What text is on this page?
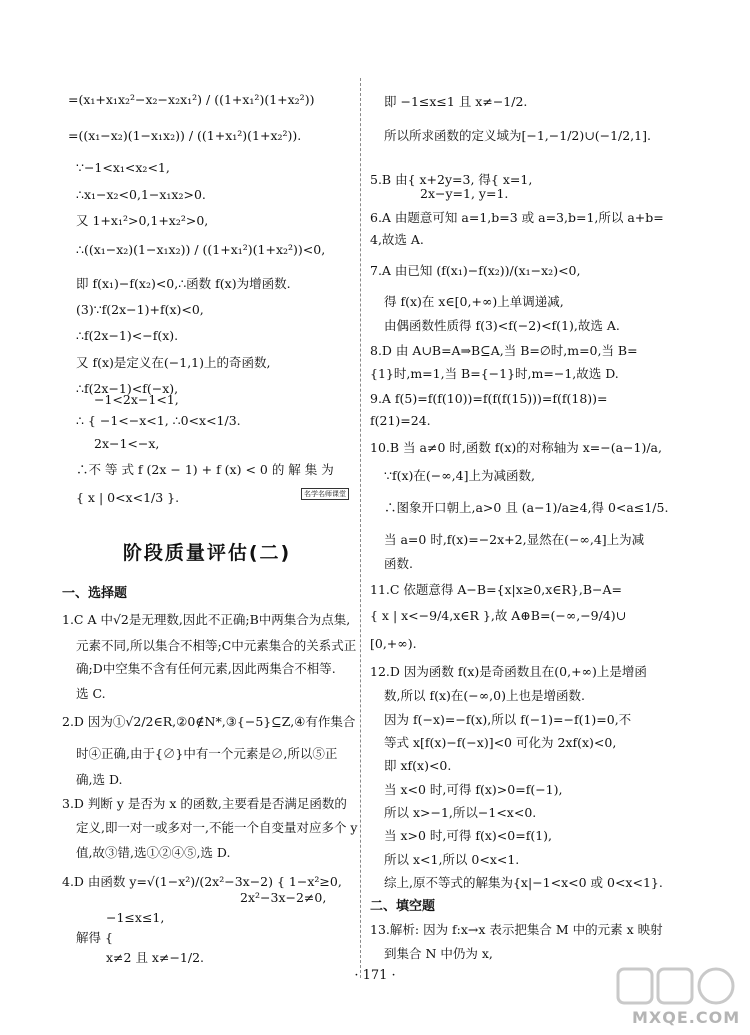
=(x₁+x₁x₂²−x₂−x₂x₁²) / ((1+x₁²)(1+x₂²))
=((x₁−x₂)(1−x₁x₂)) / ((1+x₁²)(1+x₂²)).
∵−1<x₁<x₂<1,
∴x₁−x₂<0,1−x₁x₂>0.
又 1+x₁²>0,1+x₂²>0,
∴((x₁−x₂)(1−x₁x₂)) / ((1+x₁²)(1+x₂²))<0,
即 f(x₁)−f(x₂)<0,∴函数 f(x)为增函数.
(3)∵f(2x−1)+f(x)<0,
∴f(2x−1)<−f(x).
又 f(x)是定义在(−1,1)上的奇函数,
∴f(2x−1)<f(−x),
−1<2x−1<1,
∴ { −1<−x<1, ∴0<x<1/3.
2x−1<−x,
∴不 等 式 f (2x − 1) + f (x) < 0 的 解 集 为
{ x | 0<x<1/3 }.	名学名师课堂
阶段质量评估(二)
一、选择题
1.C A 中√2是无理数,因此不正确;B中两集合为点集,
元素不同,所以集合不相等;C中元素集合的关系式正
确;D中空集不含有任何元素,因此两集合不相等.
选 C.
2.D 因为①√2/2∈R,②0∉N*,③{−5}⊆Z,④有作集合
时④正确,由于{∅}中有一个元素是∅,所以⑤正
确,选 D.
3.D 判断 y 是否为 x 的函数,主要看是否满足函数的
定义,即一对一或多对一,不能一个自变量对应多个 y
值,故③错,选①②④⑤,选 D.
4.D 由函数 y=√(1−x²)/(2x²−3x−2) { 1−x²≥0,
2x²−3x−2≠0,
−1≤x≤1,
解得 {
x≠2 且 x≠−1/2.
即 −1≤x≤1 且 x≠−1/2.
所以所求函数的定义域为[−1,−1/2)∪(−1/2,1].
5.B 由{ x+2y=3, 得{ x=1,
2x−y=1, y=1.
6.A 由题意可知 a=1,b=3 或 a=3,b=1,所以 a+b=
4,故选 A.
7.A 由已知 (f(x₁)−f(x₂))/(x₁−x₂)<0,
得 f(x)在 x∈[0,+∞)上单调递减,
由偶函数性质得 f(3)<f(−2)<f(1),故选 A.
8.D 由 A∪B=A⇒B⊆A,当 B=∅时,m=0,当 B=
{1}时,m=1,当 B={−1}时,m=−1,故选 D.
9.A f(5)=f(f(10))=f(f(f(15)))=f(f(18))=
f(21)=24.
10.B 当 a≠0 时,函数 f(x)的对称轴为 x=−(a−1)/a,
∵f(x)在(−∞,4]上为减函数,
∴图象开口朝上,a>0 且 (a−1)/a≥4,得 0<a≤1/5.
当 a=0 时,f(x)=−2x+2,显然在(−∞,4]上为减
函数.
11.C 依题意得 A−B={x|x≥0,x∈R},B−A=
{ x | x<−9/4,x∈R },故 A⊕B=(−∞,−9/4)∪
[0,+∞).
12.D 因为函数 f(x)是奇函数且在(0,+∞)上是增函
数,所以 f(x)在(−∞,0)上也是增函数.
因为 f(−x)=−f(x),所以 f(−1)=−f(1)=0,不
等式 x[f(x)−f(−x)]<0 可化为 2xf(x)<0,
即 xf(x)<0.
当 x<0 时,可得 f(x)>0=f(−1),
所以 x>−1,所以−1<x<0.
当 x>0 时,可得 f(x)<0=f(1),
所以 x<1,所以 0<x<1.
综上,原不等式的解集为{x|−1<x<0 或 0<x<1}.
二、填空题
13.解析: 因为 f:x→x 表示把集合 M 中的元素 x 映射
到集合 N 中仍为 x,
· 171 ·
MXQE.COM
